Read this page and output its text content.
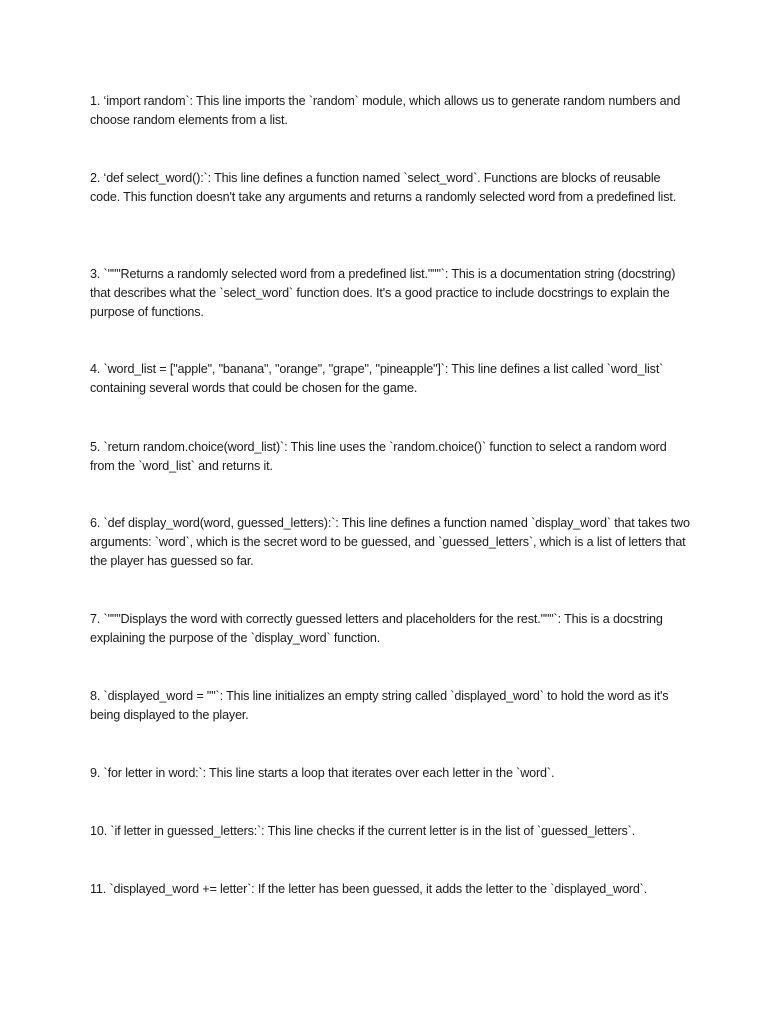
1. ‘import random`: This line imports the `random` module, which allows us to generate random numbers and choose random elements from a list.

2. ‘def select_word():`: This line defines a function named `select_word`. Functions are blocks of reusable code. This function doesn't take any arguments and returns a randomly selected word from a predefined list.

3. `"""Returns a randomly selected word from a predefined list."""`: This is a documentation string (docstring) that describes what the `select_word` function does. It's a good practice to include docstrings to explain the purpose of functions.

4. `word_list = ["apple", "banana", "orange", "grape", "pineapple"]`: This line defines a list called `word_list` containing several words that could be chosen for the game.

5. `return random.choice(word_list)`: This line uses the `random.choice()` function to select a random word from the `word_list` and returns it.

6. `def display_word(word, guessed_letters):`: This line defines a function named `display_word` that takes two arguments: `word`, which is the secret word to be guessed, and `guessed_letters`, which is a list of letters that the player has guessed so far.

7. `"""Displays the word with correctly guessed letters and placeholders for the rest."""`: This is a docstring explaining the purpose of the `display_word` function.

8. `displayed_word = ""`: This line initializes an empty string called `displayed_word` to hold the word as it's being displayed to the player.

9. `for letter in word:`: This line starts a loop that iterates over each letter in the `word`.

10. `if letter in guessed_letters:`: This line checks if the current letter is in the list of `guessed_letters`.

11. `displayed_word += letter`: If the letter has been guessed, it adds the letter to the `displayed_word`.
